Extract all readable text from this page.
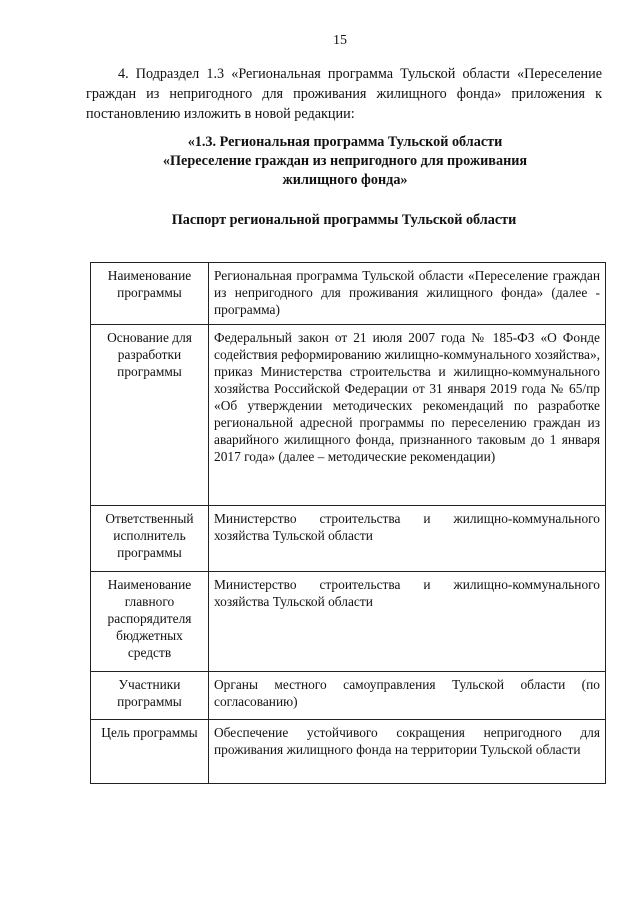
15

4. Подраздел 1.3 «Региональная программа Тульской области «Переселение граждан из непригодного для проживания жилищного фонда» приложения к постановлению изложить в новой редакции:

«1.3. Региональная программа Тульской области
«Переселение граждан из непригодного для проживания
жилищного фонда»
Паспорт региональной программы Тульской области
Наименование программы	Региональная программа Тульской области «Переселение граждан из непригодного для проживания жилищного фонда» (далее - программа)
Основание для разработки программы	Федеральный закон от 21 июля 2007 года № 185-ФЗ «О Фонде содействия реформированию жилищно-коммунального хозяйства», приказ Министерства строительства и жилищно-коммунального хозяйства Российской Федерации от 31 января 2019 года № 65/пр «Об утверждении методических рекомендаций по разработке региональной адресной программы по переселению граждан из аварийного жилищного фонда, признанного таковым до 1 января 2017 года» (далее – методические рекомендации)
Ответственный исполнитель программы	Министерство строительства и жилищно-коммунального хозяйства Тульской области
Наименование главного распорядителя бюджетных средств	Министерство строительства и жилищно-коммунального хозяйства Тульской области
Участники программы	Органы местного самоуправления Тульской области (по согласованию)
Цель программы	Обеспечение устойчивого сокращения непригодного для проживания жилищного фонда на территории Тульской области
